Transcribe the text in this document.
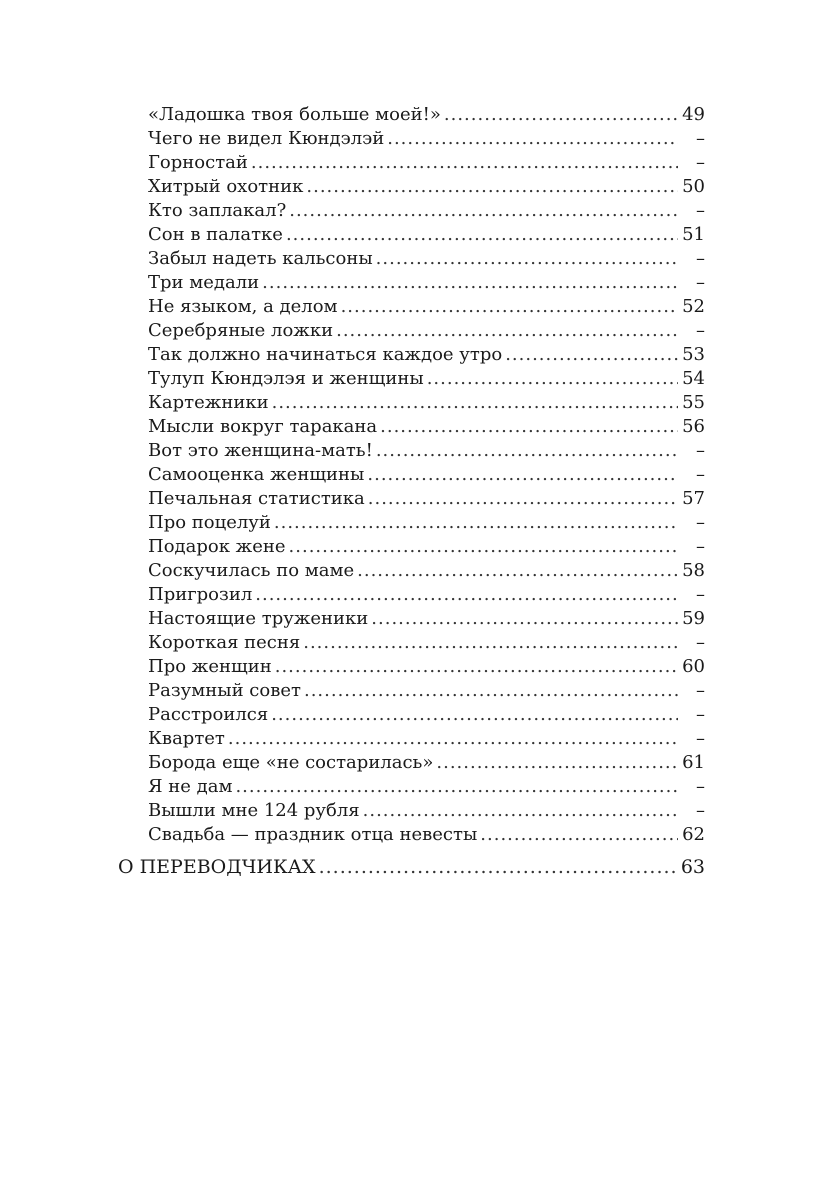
«Ладошка твоя больше моей!» .....	49
Чего не видел Кюндэлэй .....	–
Горностай .....	–
Хитрый охотник .....	50
Кто заплакал? .....	–
Сон в палатке .....	51
Забыл надеть кальсоны .....	–
Три медали .....	–
Не языком, а делом .....	52
Серебряные ложки .....	–
Так должно начинаться каждое утро .....	53
Тулуп Кюндэлэя и женщины .....	54
Картежники .....	55
Мысли вокруг таракана .....	56
Вот это женщина-мать! .....	–
Самооценка женщины .....	–
Печальная статистика .....	57
Про поцелуй .....	–
Подарок жене .....	–
Соскучилась по маме .....	58
Пригрозил .....	–
Настоящие труженики .....	59
Короткая песня .....	–
Про женщин .....	60
Разумный совет .....	–
Расстроился .....	–
Квартет .....	–
Борода еще «не состарилась» .....	61
Я не дам .....	–
Вышли мне 124 рубля .....	–
Свадьба — праздник отца невесты .....	62
О ПЕРЕВОДЧИКАХ .....	63
